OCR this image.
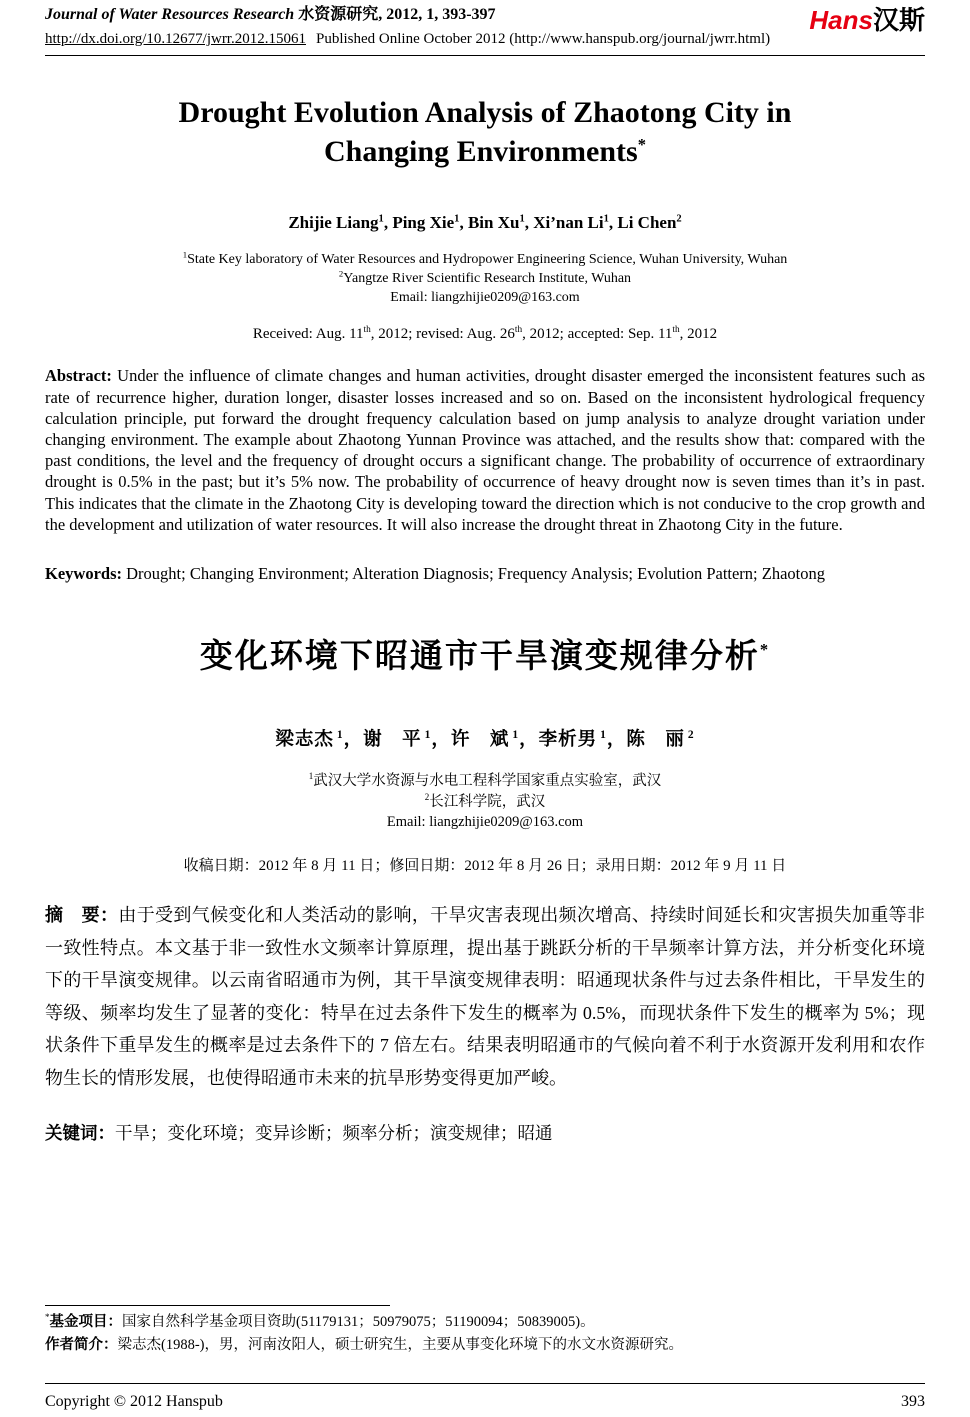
Journal of Water Resources Research 水资源研究, 2012, 1, 393-397
http://dx.doi.org/10.12677/jwrr.2012.15061 Published Online October 2012 (http://www.hanspub.org/journal/jwrr.html)
Hans汉斯
Drought Evolution Analysis of Zhaotong City in
Changing Environments*
Zhijie Liang$^1$, Ping Xie$^1$, Bin Xu$^1$, Xi’nan Li$^1$, Li Chen$^2$
$^1$State Key laboratory of Water Resources and Hydropower Engineering Science, Wuhan University, Wuhan
$^2$Yangtze River Scientific Research Institute, Wuhan
Email: liangzhijie0209@163.com
Received: Aug. 11th, 2012; revised: Aug. 26th, 2012; accepted: Sep. 11th, 2012

Abstract: Under the influence of climate changes and human activities, drought disaster emerged the inconsistent features such as rate of recurrence higher, duration longer, disaster losses increased and so on. Based on the inconsistent hydrological frequency calculation principle, put forward the drought frequency calculation based on jump analysis to analyze drought variation under changing environment. The example about Zhaotong Yunnan Province was attached, and the results show that: compared with the past conditions, the level and the frequency of drought occurs a significant change. The probability of occurrence of extraordinary drought is 0.5% in the past; but it’s 5% now. The probability of occurrence of heavy drought now is seven times than it’s in past. This indicates that the climate in the Zhaotong City is developing toward the direction which is not conducive to the crop growth and the development and utilization of water resources. It will also increase the drought threat in Zhaotong City in the future.

Keywords: Drought; Changing Environment; Alteration Diagnosis; Frequency Analysis; Evolution Pattern; Zhaotong

变化环境下昭通市干旱演变规律分析*
梁志杰 $^1$，谢　平 $^1$，许　斌 $^1$，李析男 $^1$，陈　丽 $^2$
$^1$武汉大学水资源与水电工程科学国家重点实验室，武汉
$^2$长江科学院，武汉
Email: liangzhijie0209@163.com
收稿日期：2012 年 8 月 11 日；修回日期：2012 年 8 月 26 日；录用日期：2012 年 9 月 11 日

摘　要：由于受到气候变化和人类活动的影响，干旱灾害表现出频次增高、持续时间延长和灾害损失加重等非一致性特点。本文基于非一致性水文频率计算原理，提出基于跳跃分析的干旱频率计算方法，并分析变化环境下的干旱演变规律。以云南省昭通市为例，其干旱演变规律表明：昭通现状条件与过去条件相比，干旱发生的等级、频率均发生了显著的变化：特旱在过去条件下发生的概率为 0.5%，而现状条件下发生的概率为 5%；现状条件下重旱发生的概率是过去条件下的 7 倍左右。结果表明昭通市的气候向着不利于水资源开发利用和农作物生长的情形发展，也使得昭通市未来的抗旱形势变得更加严峻。

关键词：干旱；变化环境；变异诊断；频率分析；演变规律；昭通

*基金项目：国家自然科学基金项目资助(51179131；50979075；51190094；50839005)。
作者简介：梁志杰(1988-)，男，河南汝阳人，硕士研究生，主要从事变化环境下的水文水资源研究。
Copyright © 2012 Hanspub	393
